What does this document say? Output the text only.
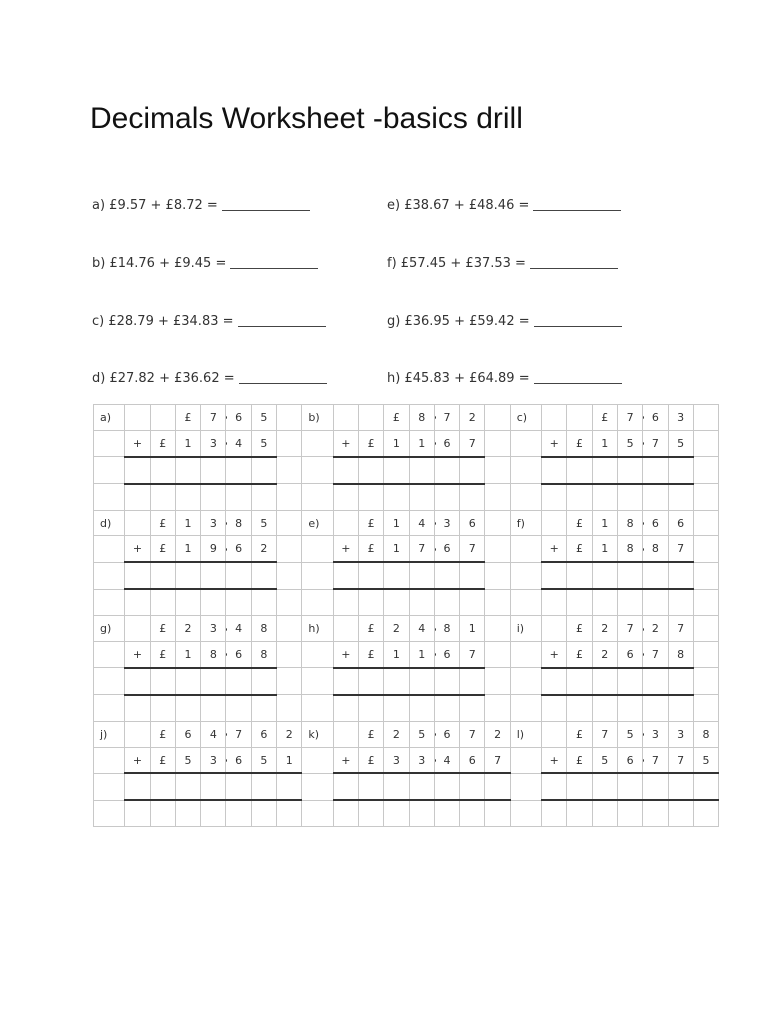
Decimals Worksheet -basics drill
a) £9.57 + £8.72 =
b) £14.76 + £9.45 =
c) £28.79 + £34.83 =
d) £27.82 + £36.62 =
e) £38.67 + £48.46 =
f) £57.45 + £37.53 =
g) £36.95 + £59.42 =
h) £45.83 + £64.89 =
a)			£	7	6	5		b)			£	8	7	2		c)			£	7	6	3	
	+	£	1	3	4	5			+	£	1	1	6	7			+	£	1	5	7	5	

d)		£	1	3	8	5		e)		£	1	4	3	6		f)		£	1	8	6	6	
	+	£	1	9	6	2			+	£	1	7	6	7			+	£	1	8	8	7	

g)		£	2	3	4	8		h)		£	2	4	8	1		i)		£	2	7	2	7	
	+	£	1	8	6	8			+	£	1	1	6	7			+	£	2	6	7	8	

j)		£	6	4	7	6	2	k)		£	2	5	6	7	2	l)		£	7	5	3	3	8
	+	£	5	3	6	5	1		+	£	3	3	4	6	7		+	£	5	6	7	7	5
